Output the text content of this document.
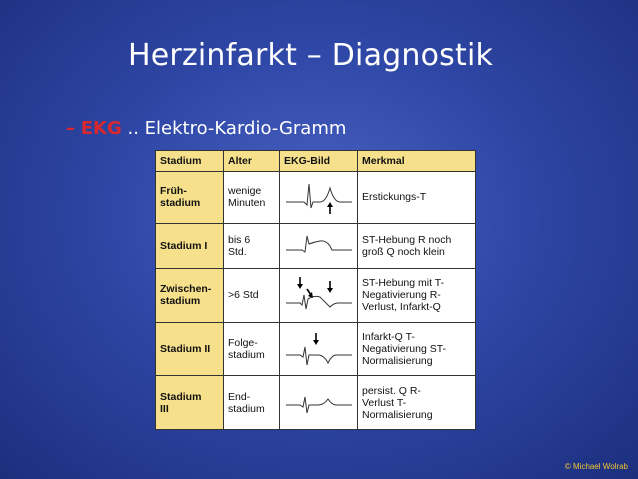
Herzinfarkt – Diagnostik
– EKG .. Elektro-Kardio-Gramm
Stadium	Alter	EKG-Bild	Merkmal
Früh-
stadium	wenige
Minuten		Erstickungs-T
Stadium I	bis 6
Std.		ST-Hebung R noch
groß Q noch klein
Zwischen-
stadium	>6 Std		ST-Hebung mit T-
Negativierung R-
Verlust, Infarkt-Q
Stadium II	Folge-
stadium		Infarkt-Q T-
Negativierung ST-
Normalisierung
Stadium
III	End-
stadium		persist. Q R-
Verlust T-
Normalisierung
© Michael Wolrab
